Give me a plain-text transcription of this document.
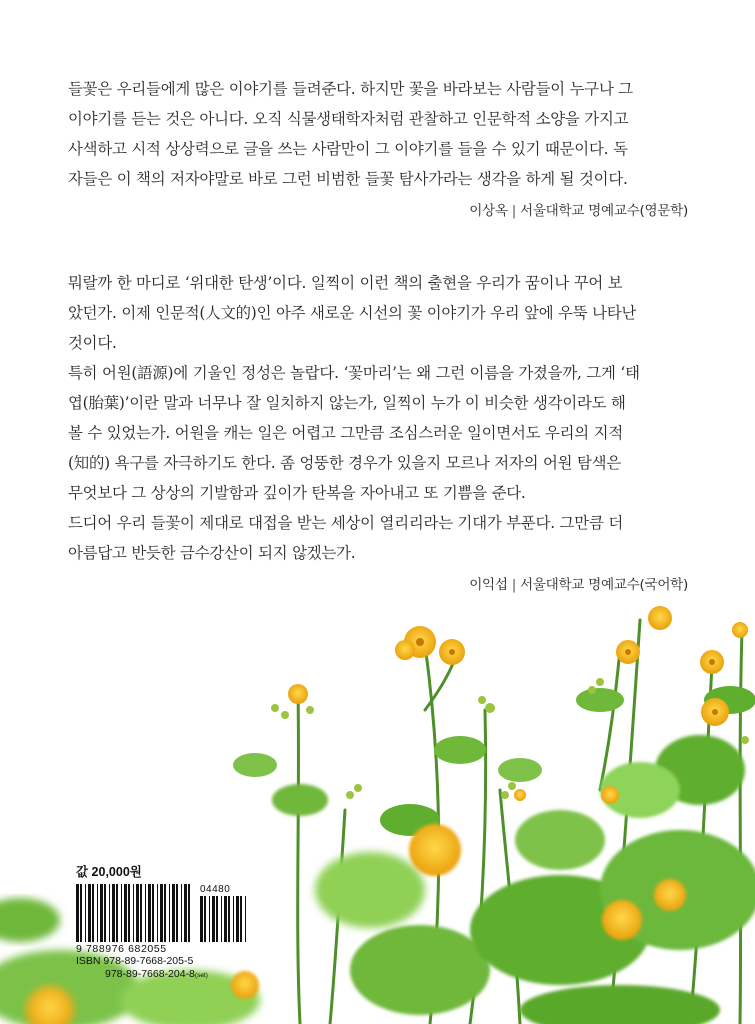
들꽃은 우리들에게 많은 이야기를 들려준다. 하지만 꽃을 바라보는 사람들이 누구나 그

이야기를 듣는 것은 아니다. 오직 식물생태학자처럼 관찰하고 인문학적 소양을 가지고

사색하고 시적 상상력으로 글을 쓰는 사람만이 그 이야기를 들을 수 있기 때문이다. 독

자들은 이 책의 저자야말로 바로 그런 비범한 들꽃 탐사가라는 생각을 하게 될 것이다.

이상옥 | 서울대학교 명예교수(영문학)

뭐랄까 한 마디로 ‘위대한 탄생’이다. 일찍이 이런 책의 출현을 우리가 꿈이나 꾸어 보

았던가. 이제 인문적(人文的)인 아주 새로운 시선의 꽃 이야기가 우리 앞에 우뚝 나타난

것이다.

특히 어원(語源)에 기울인 정성은 놀랍다. ‘꽃마리’는 왜 그런 이름을 가졌을까, 그게 ‘태

엽(胎葉)’이란 말과 너무나 잘 일치하지 않는가, 일찍이 누가 이 비슷한 생각이라도 해

볼 수 있었는가. 어원을 캐는 일은 어렵고 그만큼 조심스러운 일이면서도 우리의 지적

(知的) 욕구를 자극하기도 한다. 좀 엉뚱한 경우가 있을지 모르나 저자의 어원 탐색은

무엇보다 그 상상의 기발함과 깊이가 탄복을 자아내고 또 기쁨을 준다.

드디어 우리 들꽃이 제대로 대접을 받는 세상이 열리리라는 기대가 부푼다. 그만큼 더

아름답고 반듯한 금수강산이 되지 않겠는가.

이익섭 | 서울대학교 명예교수(국어학)
값 20,000원
04480
9 788976 682055
ISBN 978-89-7668-205-5
978-89-7668-204-8(set)
